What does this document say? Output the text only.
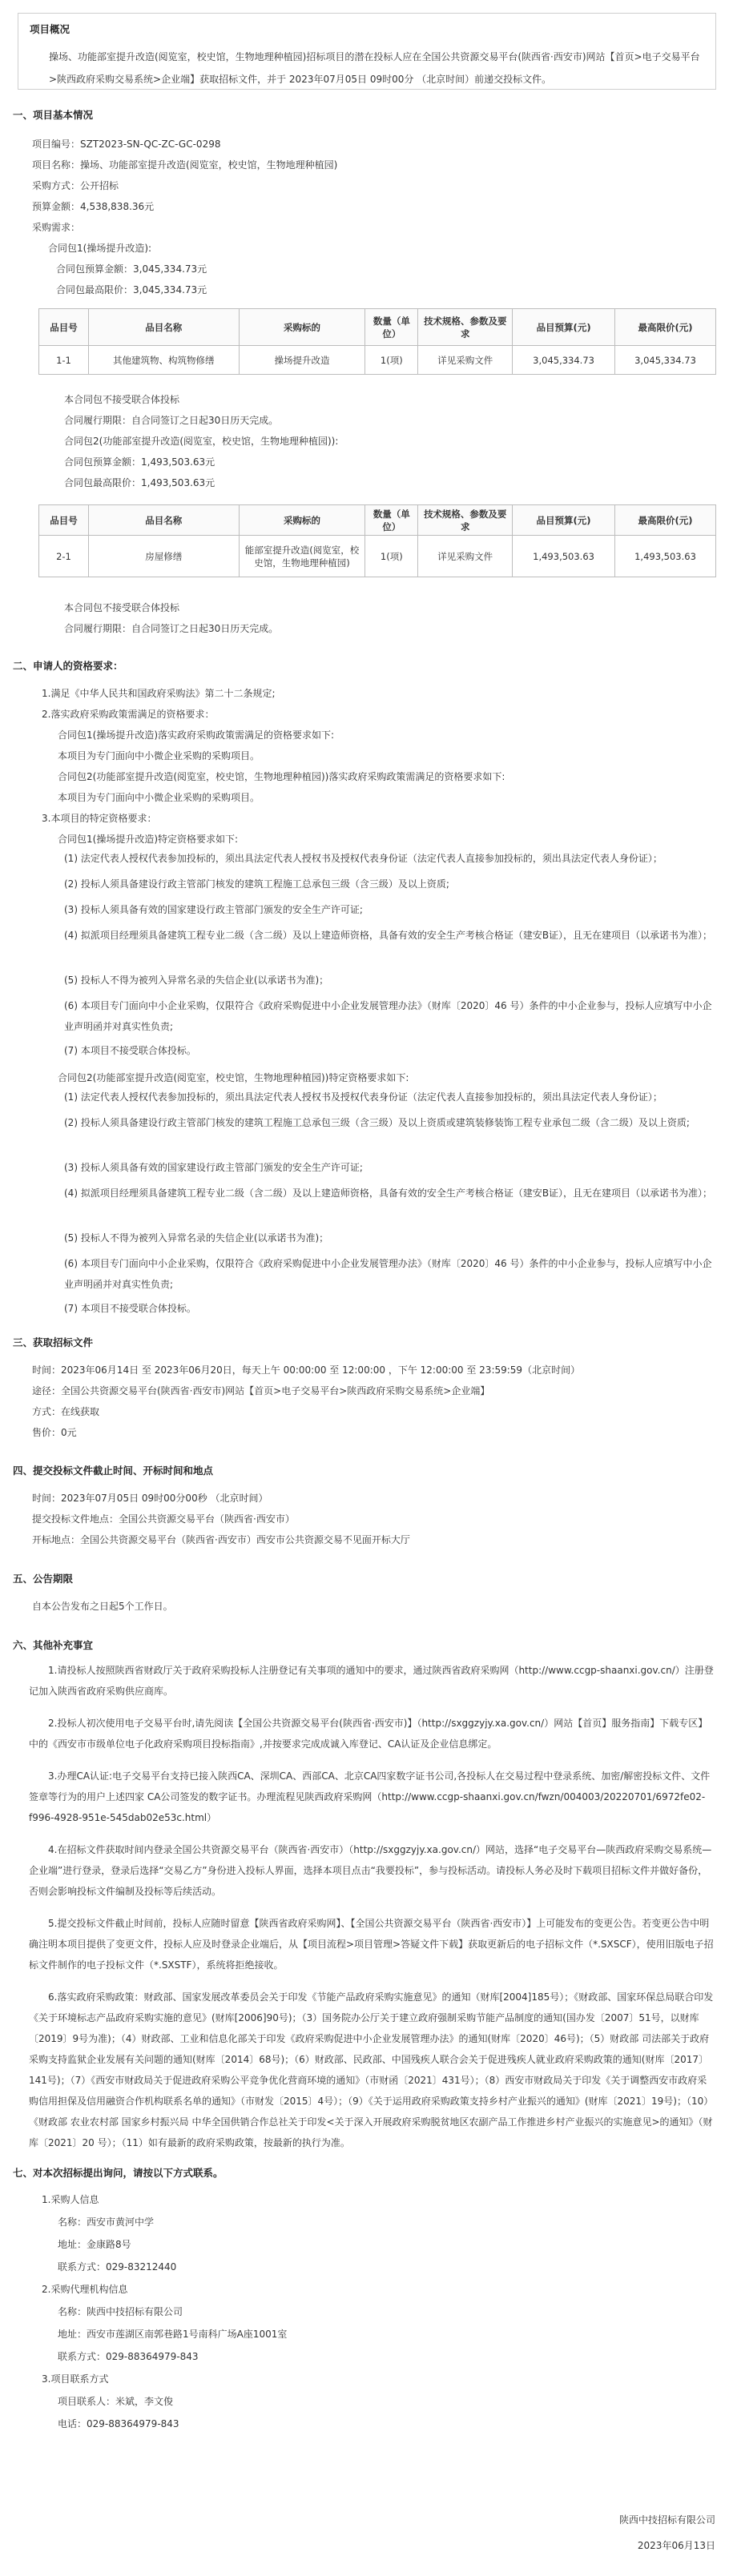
项目概况
操场、功能部室提升改造(阅览室，校史馆，生物地理种植园)招标项目的潜在投标人应在全国公共资源交易平台(陕西省·西安市)网站【首页>电子交易平台>陕西政府采购交易系统>企业端】获取招标文件，并于 2023年07月05日 09时00分 （北京时间）前递交投标文件。
一、项目基本情况
项目编号：SZT2023-SN-QC-ZC-GC-0298
项目名称：操场、功能部室提升改造(阅览室，校史馆，生物地理种植园)
采购方式：公开招标
预算金额：4,538,838.36元
采购需求：
合同包1(操场提升改造):
合同包预算金额：3,045,334.73元
合同包最高限价：3,045,334.73元
品目号	品目名称	采购标的	数量（单位）	技术规格、参数及要求	品目预算(元)	最高限价(元)
1-1	其他建筑物、构筑物修缮	操场提升改造	1(项)	详见采购文件	3,045,334.73	3,045,334.73
本合同包不接受联合体投标
合同履行期限：自合同签订之日起30日历天完成。
合同包2(功能部室提升改造(阅览室，校史馆，生物地理种植园)):
合同包预算金额：1,493,503.63元
合同包最高限价：1,493,503.63元
品目号	品目名称	采购标的	数量（单位）	技术规格、参数及要求	品目预算(元)	最高限价(元)
2-1	房屋修缮	能部室提升改造(阅览室，校史馆，生物地理种植园)	1(项)	详见采购文件	1,493,503.63	1,493,503.63
本合同包不接受联合体投标
合同履行期限：自合同签订之日起30日历天完成。
二、申请人的资格要求：
1.满足《中华人民共和国政府采购法》第二十二条规定;
2.落实政府采购政策需满足的资格要求：
合同包1(操场提升改造)落实政府采购政策需满足的资格要求如下:
本项目为专门面向中小微企业采购的采购项目。
合同包2(功能部室提升改造(阅览室，校史馆，生物地理种植园))落实政府采购政策需满足的资格要求如下:
本项目为专门面向中小微企业采购的采购项目。
3.本项目的特定资格要求：
合同包1(操场提升改造)特定资格要求如下:
(1) 法定代表人授权代表参加投标的，须出具法定代表人授权书及授权代表身份证（法定代表人直接参加投标的，须出具法定代表人身份证）；
(2) 投标人须具备建设行政主管部门核发的建筑工程施工总承包三级（含三级）及以上资质;
(3) 投标人须具备有效的国家建设行政主管部门颁发的安全生产许可证;
(4) 拟派项目经理须具备建筑工程专业二级（含二级）及以上建造师资格，具备有效的安全生产考核合格证（建安B证），且无在建项目（以承诺书为准）；
(5) 投标人不得为被列入异常名录的失信企业(以承诺书为准)；
(6) 本项目专门面向中小企业采购，仅限符合《政府采购促进中小企业发展管理办法》（财库〔2020〕46 号）条件的中小企业参与，投标人应填写中小企业声明函并对真实性负责;
(7) 本项目不接受联合体投标。
合同包2(功能部室提升改造(阅览室，校史馆，生物地理种植园))特定资格要求如下:
(1) 法定代表人授权代表参加投标的，须出具法定代表人授权书及授权代表身份证（法定代表人直接参加投标的，须出具法定代表人身份证）；
(2) 投标人须具备建设行政主管部门核发的建筑工程施工总承包三级（含三级）及以上资质或建筑装修装饰工程专业承包二级（含二级）及以上资质;
(3) 投标人须具备有效的国家建设行政主管部门颁发的安全生产许可证;
(4) 拟派项目经理须具备建筑工程专业二级（含二级）及以上建造师资格，具备有效的安全生产考核合格证（建安B证），且无在建项目（以承诺书为准）；
(5) 投标人不得为被列入异常名录的失信企业(以承诺书为准)；
(6) 本项目专门面向中小企业采购，仅限符合《政府采购促进中小企业发展管理办法》（财库〔2020〕46 号）条件的中小企业参与，投标人应填写中小企业声明函并对真实性负责;
(7) 本项目不接受联合体投标。
三、获取招标文件
时间：2023年06月14日 至 2023年06月20日，每天上午 00:00:00 至 12:00:00 ，下午 12:00:00 至 23:59:59（北京时间）
途径：全国公共资源交易平台(陕西省·西安市)网站【首页>电子交易平台>陕西政府采购交易系统>企业端】
方式：在线获取
售价：0元
四、提交投标文件截止时间、开标时间和地点
时间：2023年07月05日 09时00分00秒 （北京时间）
提交投标文件地点：全国公共资源交易平台（陕西省·西安市）
开标地点：全国公共资源交易平台（陕西省·西安市）西安市公共资源交易不见面开标大厅
五、公告期限
自本公告发布之日起5个工作日。
六、其他补充事宜
1.请投标人按照陕西省财政厅关于政府采购投标人注册登记有关事项的通知中的要求，通过陕西省政府采购网（http://www.ccgp-shaanxi.gov.cn/）注册登记加入陕西省政府采购供应商库。
2.投标人初次使用电子交易平台时,请先阅读【全国公共资源交易平台(陕西省·西安市)】（http://sxggzyjy.xa.gov.cn/）网站【首页】服务指南】下载专区】中的《西安市市级单位电子化政府采购项目投标指南》,并按要求完成成诚入库登记、CA认证及企业信息绑定。
3.办理CA认证:电子交易平台支持已接入陕西CA、深圳CA、西部CA、北京CA四家数字证书公司,各投标人在交易过程中登录系统、加密/解密投标文件、文件签章等行为的用户上述四家 CA公司签发的数字证书。办理流程见陕西政府采购网（http://www.ccgp-shaanxi.gov.cn/fwzn/004003/20220701/6972fe02-f996-4928-951e-545dab02e53c.html）
4.在招标文件获取时间内登录全国公共资源交易平台（陕西省·西安市）（http://sxggzyjy.xa.gov.cn/）网站，选择“电子交易平台—陕西政府采购交易系统—企业端”进行登录，登录后选择“交易乙方”身份进入投标人界面，选择本项目点击“我要投标”，参与投标活动。请投标人务必及时下载项目招标文件并做好备份，否则会影响投标文件编制及投标等后续活动。
5.提交投标文件截止时间前，投标人应随时留意【陕西省政府采购网】、【全国公共资源交易平台（陕西省·西安市）】上可能发布的变更公告。若变更公告中明确注明本项目提供了变更文件，投标人应及时登录企业端后，从【项目流程>项目管理>答疑文件下载】获取更新后的电子招标文件（*.SXSCF），使用旧版电子招标文件制作的电子投标文件（*.SXSTF），系统将拒绝接收。
6.落实政府采购政策：财政部、国家发展改革委员会关于印发《节能产品政府采购实施意见》的通知（财库[2004]185号）；《财政部、国家环保总局联合印发《关于环境标志产品政府采购实施的意见》(财库[2006]90号)；（3）国务院办公厅关于建立政府强制采购节能产品制度的通知(国办发〔2007〕51号，以财库〔2019〕9号为准)；（4）财政部、工业和信息化部关于印发《政府采购促进中小企业发展管理办法》的通知(财库〔2020〕46号)；（5）财政部 司法部关于政府采购支持监狱企业发展有关问题的通知(财库〔2014〕68号)；（6）财政部、民政部、中国残疾人联合会关于促进残疾人就业政府采购政策的通知(财库〔2017〕141号)；（7）《西安市财政局关于促进政府采购公平竞争优化营商环境的通知》（市财函〔2021〕431号）；（8）西安市财政局关于印发《关于调整西安市政府采购信用担保及信用融资合作机构联系名单的通知》（市财发〔2015〕4号）；（9）《关于运用政府采购政策支持乡村产业振兴的通知》(财库〔2021〕19号)；（10）《财政部 农业农村部 国家乡村振兴局 中华全国供销合作总社关于印发<关于深入开展政府采购脱贫地区农副产品工作推进乡村产业振兴的实施意见>的通知》（财库〔2021〕20 号）；（11）如有最新的政府采购政策，按最新的执行为准。
七、对本次招标提出询问，请按以下方式联系。
1.采购人信息
名称：西安市黄河中学
地址：金康路8号
联系方式：029-83212440
2.采购代理机构信息
名称：陕西中技招标有限公司
地址：西安市莲湖区南郭巷路1号南科广场A座1001室
联系方式：029-88364979-843
3.项目联系方式
项目联系人：米斌，李文俊
电话：029-88364979-843
陕西中技招标有限公司
2023年06月13日
